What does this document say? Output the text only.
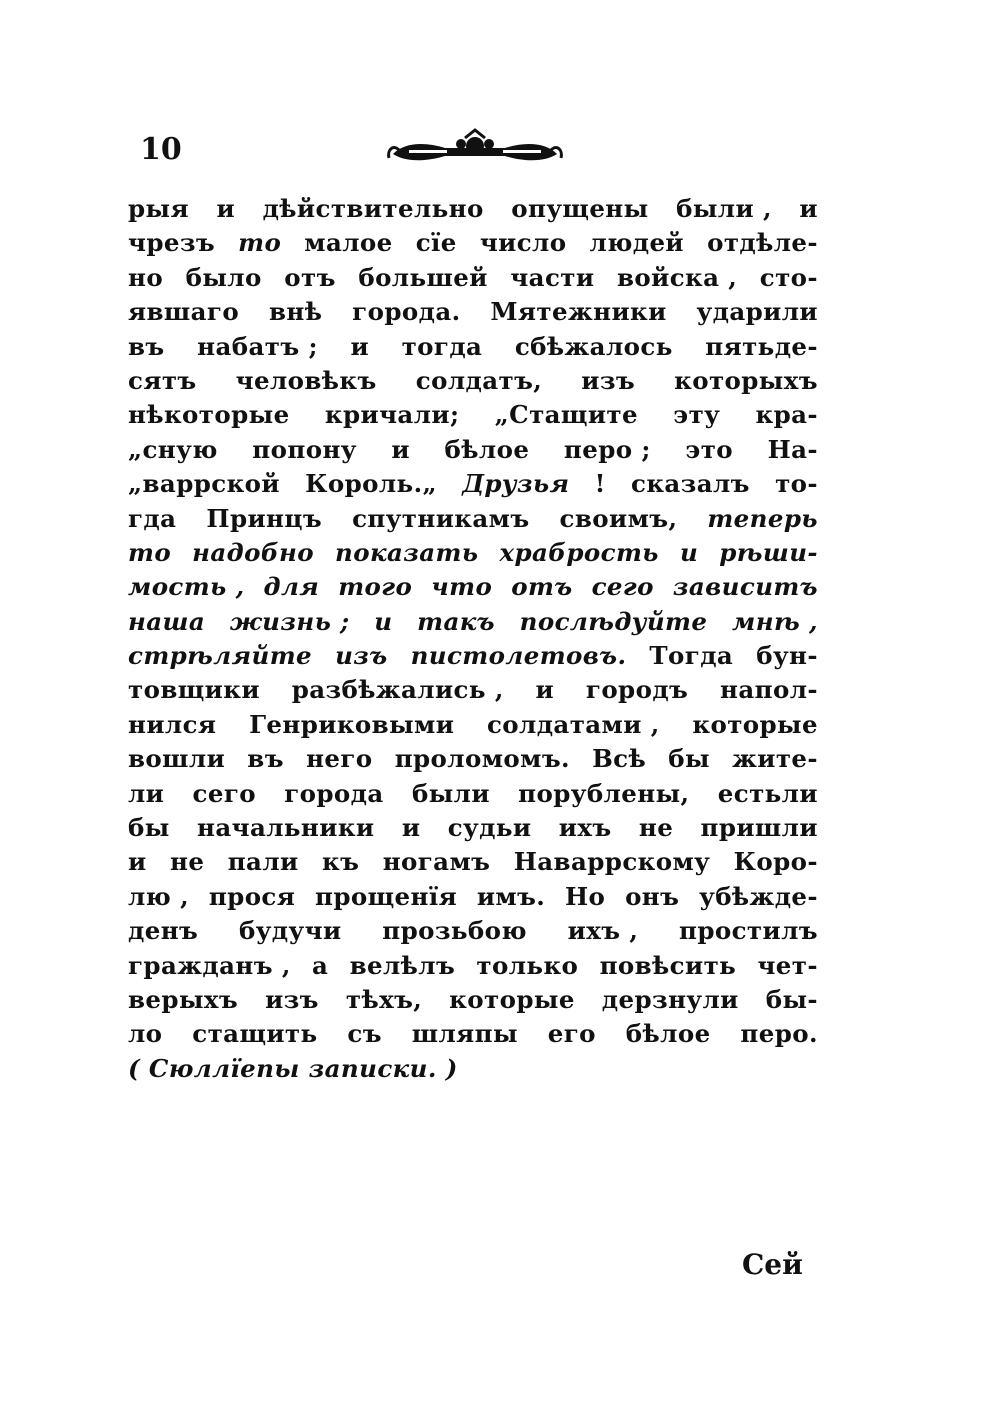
10
рыя и дѣйствительно опущены были , и
чрезъ то малое сїе число людей отдѣле-
но было отъ большей части войска , сто-
явшаго внѣ города. Мятежники ударили
въ набатъ ; и тогда сбѣжалось пятьде-
сятъ человѣкъ солдатъ, изъ которыхъ
нѣкоторые кричали; „Стащите эту кра-
„сную попону и бѣлое перо ; это На-
„варрской Король.„ Друзья ! сказалъ то-
гда Принцъ спутникамъ своимъ, теперь
то надобно показать храбрость и рѣши-
мость , для того что отъ сего зависитъ
наша жизнь ; и такъ послѣдуйте мнѣ ,
стрѣляйте изъ пистолетовъ. Тогда бун-
товщики разбѣжались , и городъ напол-
нился Генриковыми солдатами , которые
вошли въ него проломомъ. Всѣ бы жите-
ли сего города были порублены, естьли
бы начальники и судьи ихъ не пришли
и не пали къ ногамъ Наваррскому Коро-
лю , прося прощенїя имъ. Но онъ убѣжде-
денъ будучи прозьбою ихъ , простилъ
гражданъ , а велѣлъ только повѣсить чет-
верыхъ изъ тѣхъ, которые дерзнули бы-
ло стащить съ шляпы его бѣлое перо.
( Сюллїепы записки. )
Сей
